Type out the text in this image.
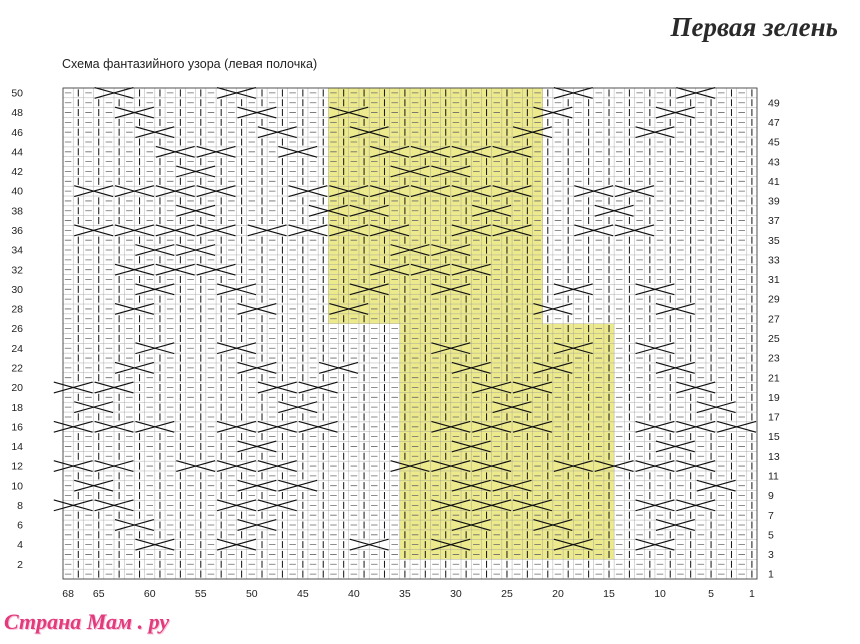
Первая зелень
Схема фантазийного узора (левая полочка)
2
4
6
8
10
12
14
16
18
20
22
24
26
28
30
32
34
36
38
40
42
44
46
48
50
1
3
5
7
9
11
13
15
17
19
21
23
25
27
29
31
33
35
37
39
41
43
45
47
49
68 65	60	55	50	45	40	35	30	25	20	15	10	5	1
Страна Мам . ру
